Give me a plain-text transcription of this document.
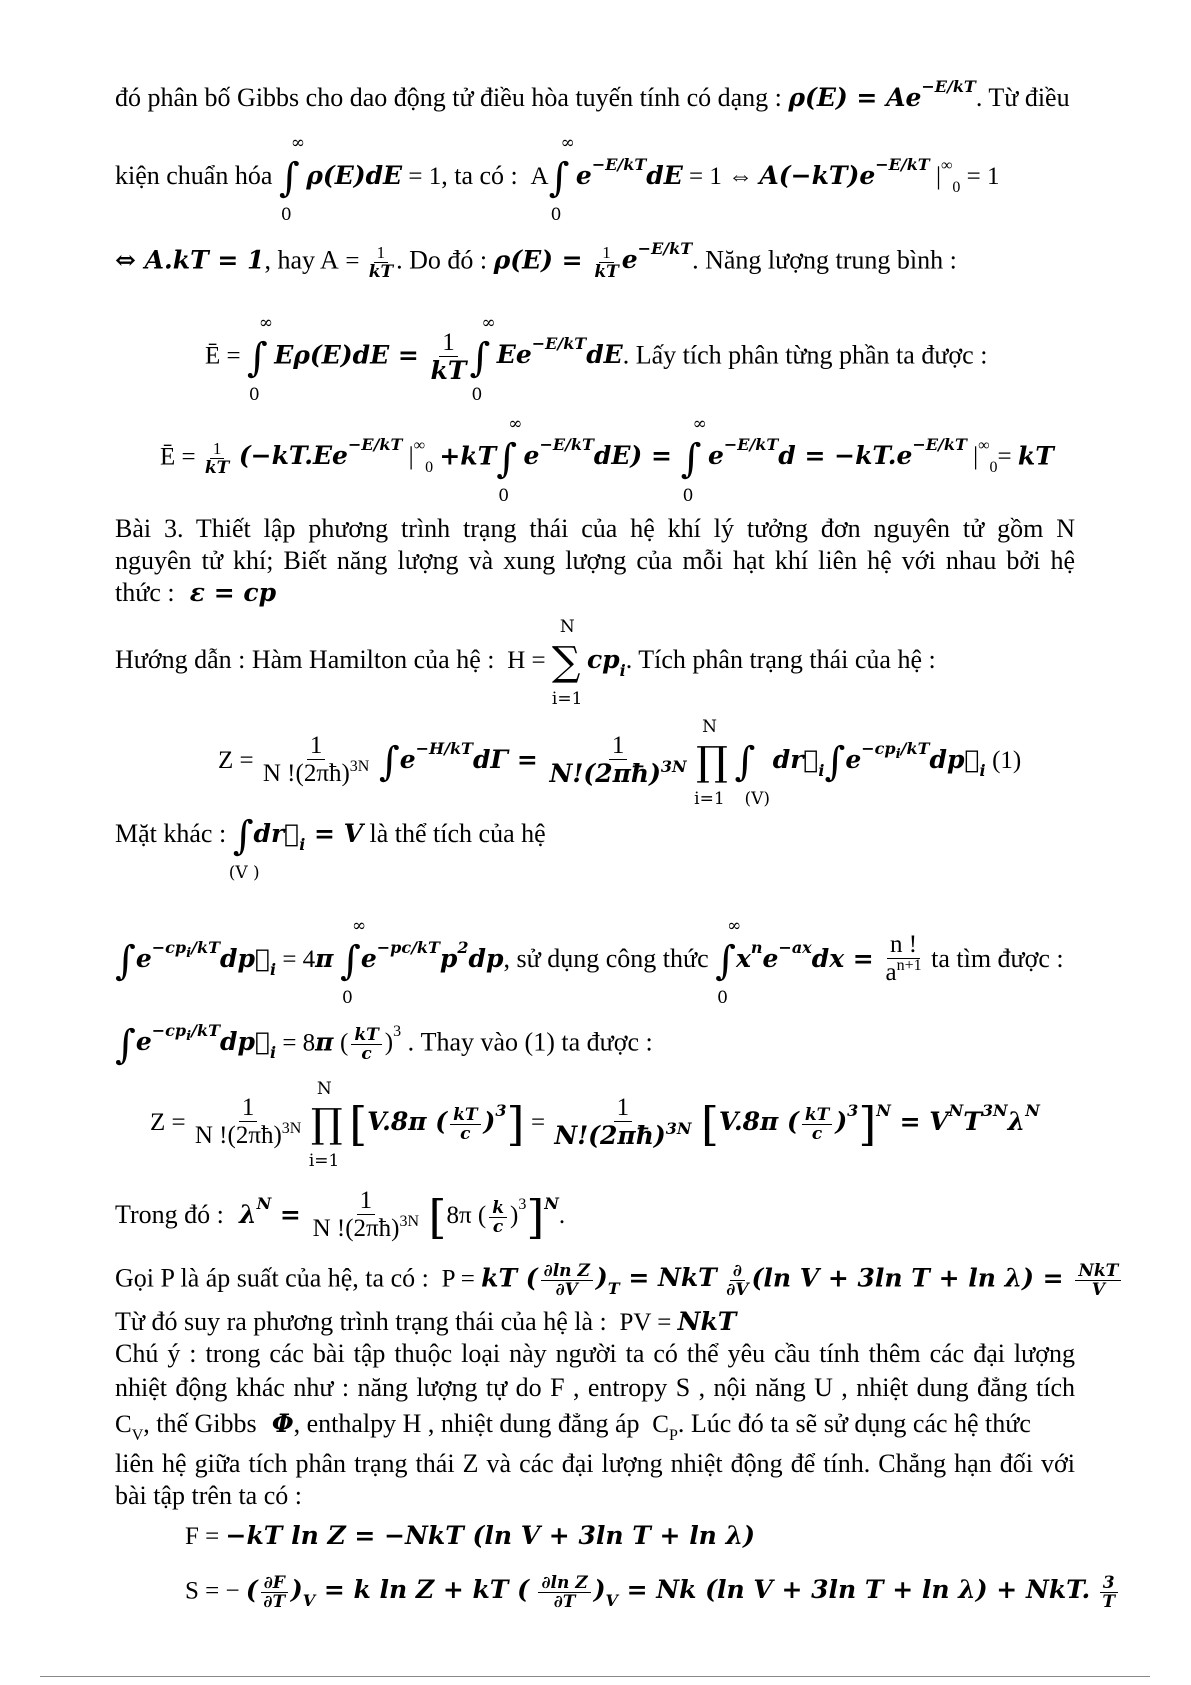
đó phân bố Gibbs cho dao động tử điều hòa tuyến tính có dạng : $\rho(E) = Ae^{-E/kT}$. Từ điều
kiện chuẩn hóa ∫
∞
0
ρ(E)dE = 1, ta có :  A∫
∞
0
$e^{-E/kT}dE = 1$ ⇔ $A(-kT)e^{-E/kT}$ $|^\infty_0 = 1$
⇔ A.kT = 1, hay $A = \frac{1}{kT}$ . Do đó : $\rho(E) = \frac{1}{kT} e^{-E/kT}$. Năng lượng trung bình :
Ē = ∫
∞
0
$E\rho(E)dE = \frac{1}{kT}$ ∫
∞
0
$Ee^{-E/kT}dE$. Lấy tích phân từng phần ta được :
Ē = $\frac{1}{kT} (-kT.Ee^{-E/kT}$ $|^\infty_0 +kT\int$
∞
0
$e^{-E/kT}dE$) = ∫
∞
0
$e^{-E/kT}d = -kT.e^{-E/kT}$ $|^\infty_0=$ kT
Bài 3. Thiết lập phương trình trạng thái của hệ khí lý tưởng đơn nguyên tử gồm N
nguyên tử khí; Biết năng lượng và xung lượng của mỗi hạt khí liên hệ với nhau bởi hệ
thức :  ε = cp
Hướng dẫn : Hàm Hamilton của hệ :  H = ∑
N
i=1
$cp_i$. Tích phân trạng thái của hệ :
$Z = \frac{1}{N !(2\pi ħ)^{3N}} \int e^{-H/kT}d\Gamma = \frac{1}{N!(2\pi ħ)^{3N}}$ ∏
N
i=1
∫
(V)
$dr⃗_i\int e^{-cp_i/kT}dp⃗_i$ (1)
Mặt khác : ∫
(V )
$dr⃗_i = V$ là thể tích của hệ
$\int e^{-cp_i/kT}dp⃗_i = 4\pi$ ∫
∞
0
$e^{-pc/kT}p^2dp$, sử dụng công thức ∫
∞
0
$x^ne^{-ax}dx = \frac{n !}{a^{n+1}}$ ta tìm được :
$\int e^{-cp_i/kT}dp⃗_i = 8\pi$ ( $\frac{kT}{c} )^3$ . Thay vào (1) ta được :
$Z = \frac{1}{N !(2\pi ħ)^{3N}}$ ∏
N
i=1
[V.8π ( $\frac{kT}{c} )^3] = \frac{1}{N!(2\pi ħ)^{3N}} [V.8\pi$ ( $\frac{kT}{c} )^3]^N = V^NT^{3N}\lambda^N$
Trong đó :  $\lambda^N = \frac{1}{N !(2\pi ħ)^{3N}} [8\pi$ ( $\frac{k}{c} )^3]^N$.
Gọi P là áp suất của hệ, ta có :  P = kT ( $\frac{\text{∂ln Z}}{\partial V} )_T$ = NkT $\frac{\partial}{\partial V} (\ln$ V + 3ln $T + \ln \lambda) = \frac{\text{NkT}}{V}$
Từ đó suy ra phương trình trạng thái của hệ là :  PV = NkT
Chú ý : trong các bài tập thuộc loại này người ta có thể yêu cầu tính thêm các đại lượng
nhiệt động khác như : năng lượng tự do F , entropy S , nội năng U , nhiệt dung đẳng tích
$C_V$, thế Gibbs  Φ, enthalpy H , nhiệt dung đẳng áp  $C_P$. Lúc đó ta sẽ sử dụng các hệ thức
liên hệ giữa tích phân trạng thái Z và các đại lượng nhiệt động để tính. Chẳng hạn đối với
bài tập trên ta có :
F = −kT ln Z = −NkT (ln V + 3ln T + ln λ)
S = − ( $\frac{\partial F}{\partial T} )_V = k$ ln Z + kT ( $\frac{\text{∂ln Z}}{\partial T} )_V = Nk$ (ln V + 3ln T + ln λ) + NkT. $\frac{3}{T}$
